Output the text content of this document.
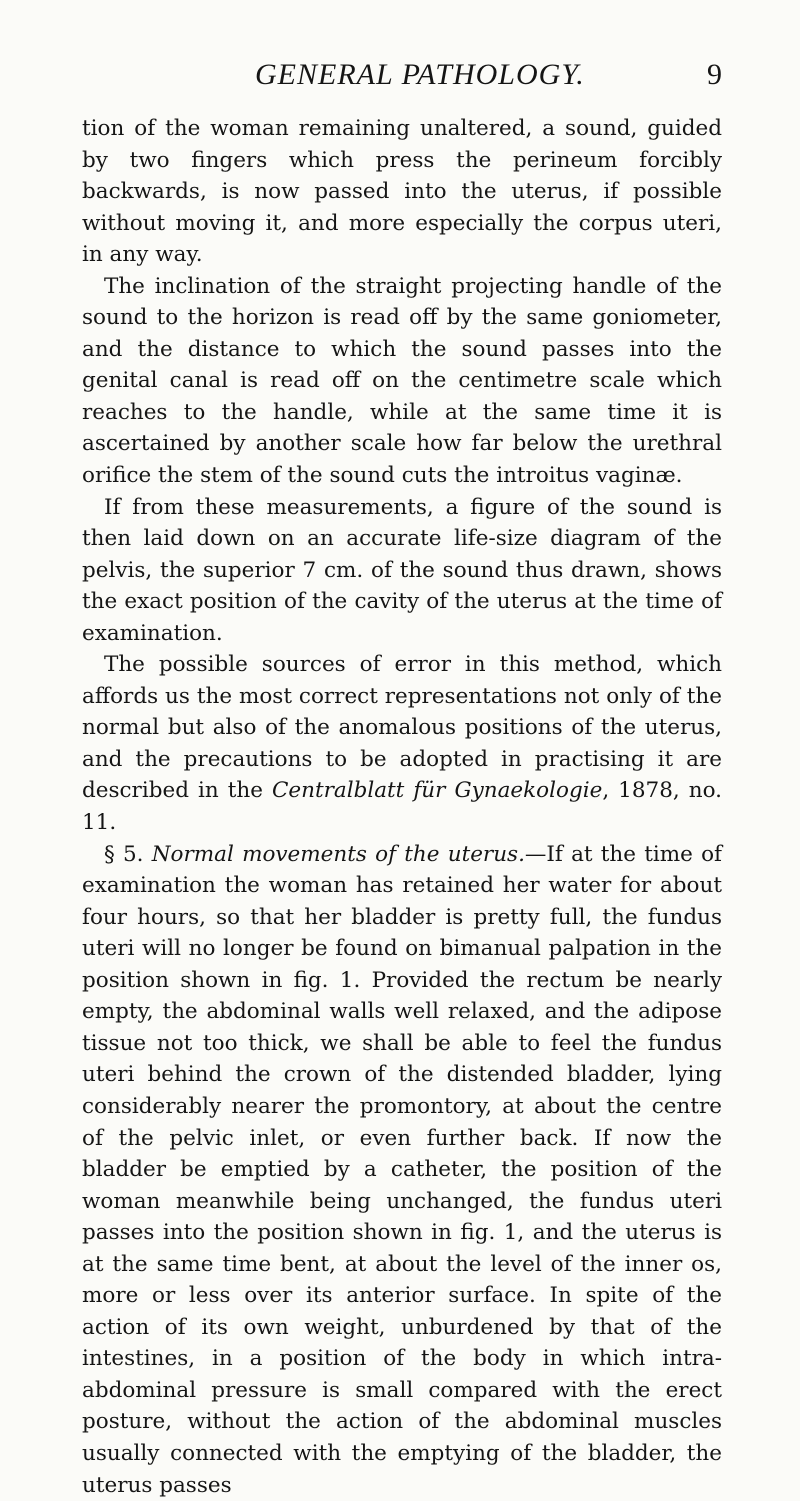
GENERAL PATHOLOGY.	9

tion of the woman remaining unaltered, a sound, guided by two fingers which press the perineum forcibly backwards, is now passed into the uterus, if possible without moving it, and more especially the corpus uteri, in any way.

The inclination of the straight projecting handle of the sound to the horizon is read off by the same goniometer, and the distance to which the sound passes into the genital canal is read off on the centimetre scale which reaches to the handle, while at the same time it is ascertained by another scale how far below the urethral orifice the stem of the sound cuts the introitus vaginæ.

If from these measurements, a figure of the sound is then laid down on an accurate life-size diagram of the pelvis, the superior 7 cm. of the sound thus drawn, shows the exact position of the cavity of the uterus at the time of examination.

The possible sources of error in this method, which affords us the most correct representations not only of the normal but also of the anomalous positions of the uterus, and the precautions to be adopted in practising it are described in the Centralblatt für Gynaekologie, 1878, no. 11.

§ 5. Normal movements of the uterus.—If at the time of examination the woman has retained her water for about four hours, so that her bladder is pretty full, the fundus uteri will no longer be found on bimanual palpation in the position shown in fig. 1. Provided the rectum be nearly empty, the abdominal walls well relaxed, and the adipose tissue not too thick, we shall be able to feel the fundus uteri behind the crown of the distended bladder, lying considerably nearer the promontory, at about the centre of the pelvic inlet, or even further back. If now the bladder be emptied by a catheter, the position of the woman meanwhile being unchanged, the fundus uteri passes into the position shown in fig. 1, and the uterus is at the same time bent, at about the level of the inner os, more or less over its anterior surface. In spite of the action of its own weight, unburdened by that of the intestines, in a position of the body in which intra-abdominal pressure is small compared with the erect posture, without the action of the abdominal muscles usually connected with the emptying of the bladder, the uterus passes
